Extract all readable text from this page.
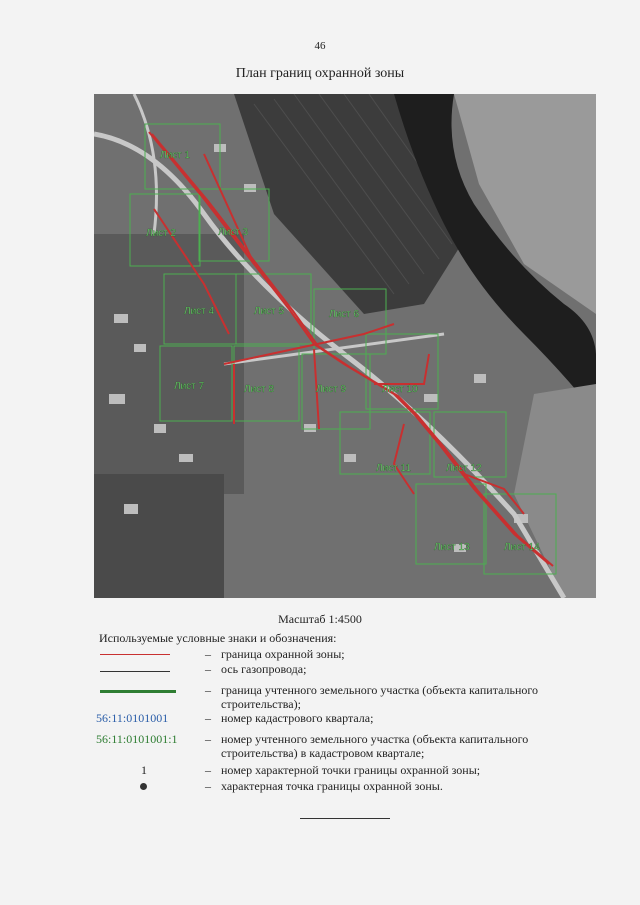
46
План границ охранной зоны
Лист 1
Лист 2	Лист 3
Лист 4	Лист 5	Лист 6
Лист 7	Лист 8	Лист 9	Лист 10
Лист 11	Лист 12
Лист 13	Лист 14
Масштаб 1:4500
Используемые условные знаки и обозначения:
– граница охранной зоны;
– ось газопровода;
– граница учтенного земельного участка (объекта капитального строительства);
56:11:0101001	– номер кадастрового квартала;
56:11:0101001:1 – номер учтенного земельного участка (объекта капитального строительства) в кадастровом квартале;
1	– номер характерной точки границы охранной зоны;
– характерная точка границы охранной зоны.
